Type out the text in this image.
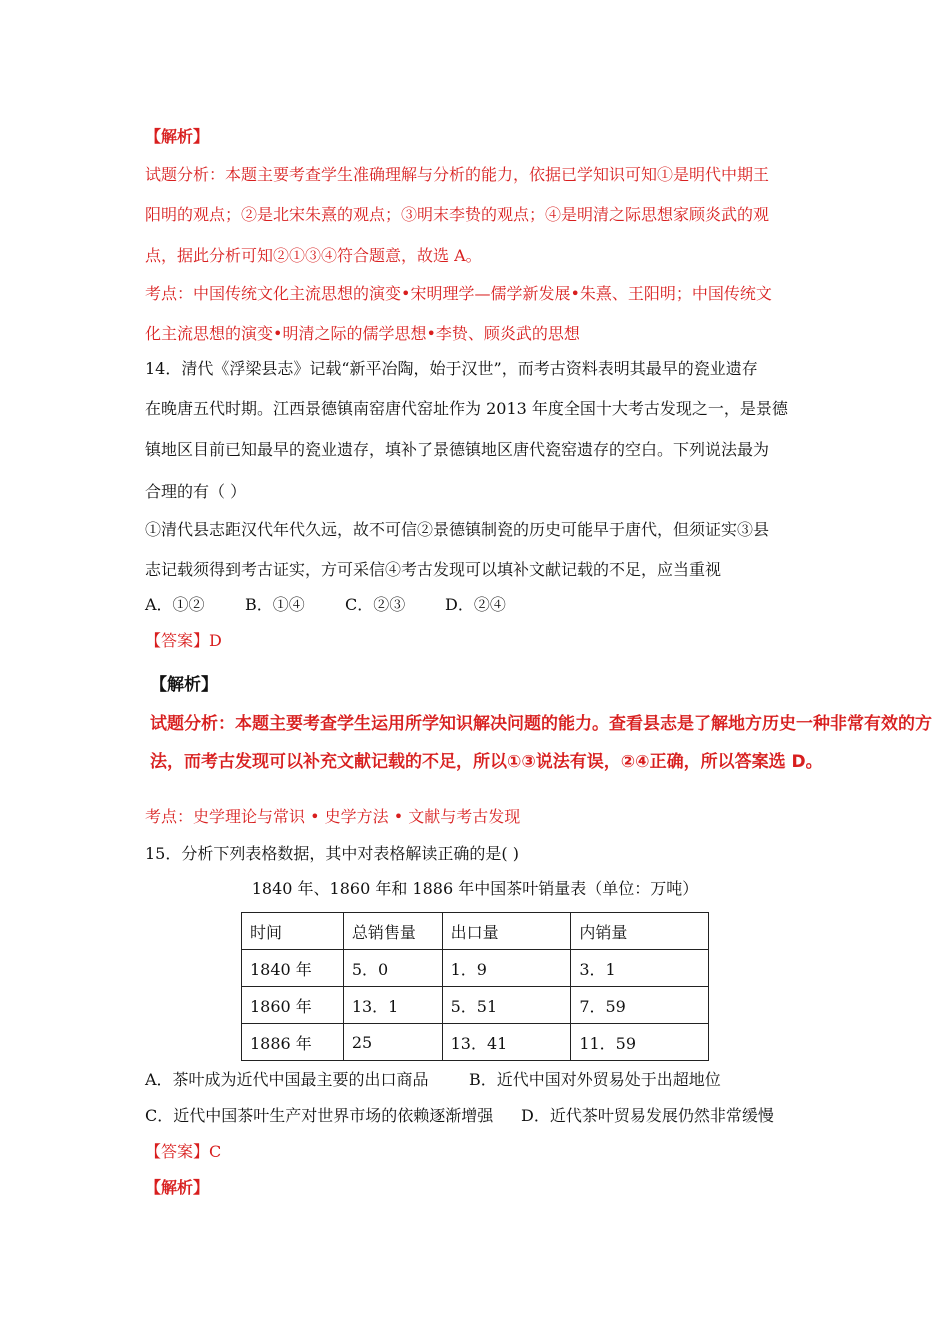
【解析】
试题分析：本题主要考查学生准确理解与分析的能力，依据已学知识可知①是明代中期王
阳明的观点；②是北宋朱熹的观点；③明末李贽的观点；④是明清之际思想家顾炎武的观
点，据此分析可知②①③④符合题意，故选 A。
考点：中国传统文化主流思想的演变•宋明理学—儒学新发展•朱熹、王阳明；中国传统文
化主流思想的演变•明清之际的儒学思想•李贽、顾炎武的思想
14．清代《浮梁县志》记载“新平冶陶，始于汉世”，而考古资料表明其最早的瓷业遗存
在晚唐五代时期。江西景德镇南窑唐代窑址作为 2013 年度全国十大考古发现之一，是景德
镇地区目前已知最早的瓷业遗存，填补了景德镇地区唐代瓷窑遗存的空白。下列说法最为
合理的有（ ）
①清代县志距汉代年代久远，故不可信②景德镇制瓷的历史可能早于唐代，但须证实③县
志记载须得到考古证实，方可采信④考古发现可以填补文献记载的不足，应当重视
A．①②	B．①④	C．②③ D．②④
【答案】D
【解析】
试题分析：本题主要考查学生运用所学知识解决问题的能力。查看县志是了解地方历史一种非常有效的方
法，而考古发现可以补充文献记载的不足，所以①③说法有误，②④正确，所以答案选 D。
考点：史学理论与常识 • 史学方法 • 文献与考古发现
15．分析下列表格数据，其中对表格解读正确的是( )
1840 年、1860 年和 1886 年中国茶叶销量表（单位：万吨）
时间	总销售量	出口量	内销量
1840 年	5．0	1．9	3．1
1860 年	13．1	5．51	7．59
1886 年	25	13．41	11．59
A．茶叶成为近代中国最主要的出口商品	B．近代中国对外贸易处于出超地位
C．近代中国茶叶生产对世界市场的依赖逐渐增强 D．近代茶叶贸易发展仍然非常缓慢
【答案】C
【解析】
